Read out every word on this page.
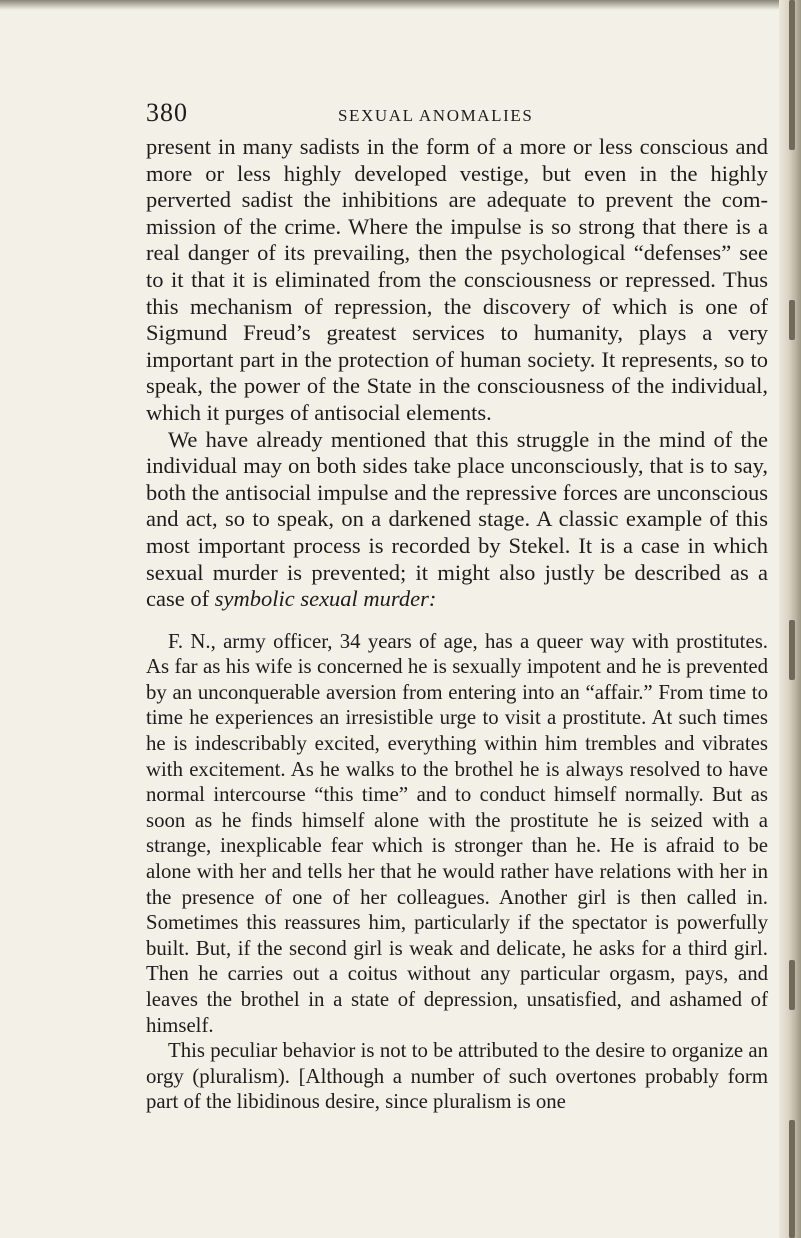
380	SEXUAL ANOMALIES

present in many sadists in the form of a more or less conscious and more or less highly developed vestige, but even in the highly perverted sadist the inhibitions are adequate to prevent the commission of the crime. Where the impulse is so strong that there is a real danger of its prevailing, then the psychological “defenses” see to it that it is eliminated from the consciousness or repressed. Thus this mechanism of repression, the discovery of which is one of Sigmund Freud’s greatest services to humanity, plays a very important part in the protection of human society. It represents, so to speak, the power of the State in the consciousness of the individual, which it purges of antisocial elements.

We have already mentioned that this struggle in the mind of the individual may on both sides take place unconsciously, that is to say, both the antisocial impulse and the repressive forces are unconscious and act, so to speak, on a darkened stage. A classic example of this most important process is recorded by Stekel. It is a case in which sexual murder is prevented; it might also justly be described as a case of symbolic sexual murder:

F. N., army officer, 34 years of age, has a queer way with prostitutes. As far as his wife is concerned he is sexually impotent and he is prevented by an unconquerable aversion from entering into an “affair.” From time to time he experiences an irresistible urge to visit a prostitute. At such times he is indescribably excited, everything within him trembles and vibrates with excitement. As he walks to the brothel he is always resolved to have normal intercourse “this time” and to conduct himself normally. But as soon as he finds himself alone with the prostitute he is seized with a strange, inexplicable fear which is stronger than he. He is afraid to be alone with her and tells her that he would rather have relations with her in the presence of one of her colleagues. Another girl is then called in. Sometimes this reassures him, particularly if the spectator is powerfully built. But, if the second girl is weak and delicate, he asks for a third girl. Then he carries out a coitus without any particular orgasm, pays, and leaves the brothel in a state of depression, unsatisfied, and ashamed of himself.

This peculiar behavior is not to be attributed to the desire to organize an orgy (pluralism). [Although a number of such overtones probably form part of the libidinous desire, since pluralism is one
